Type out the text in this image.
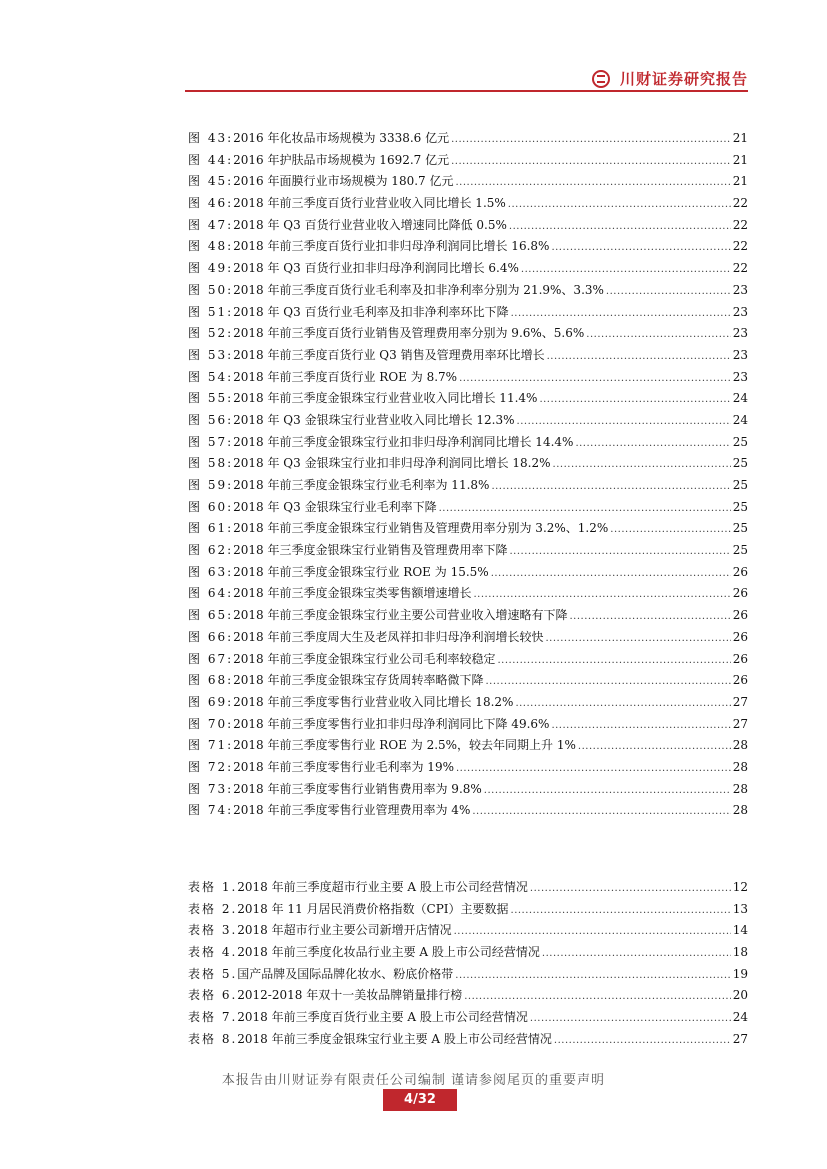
川财证券研究报告
图 43: 2016 年化妆品市场规模为 3338.6 亿元 .....	21
图 44: 2016 年护肤品市场规模为 1692.7 亿元 .....	21
图 45: 2016 年面膜行业市场规模为 180.7 亿元 .....	21
图 46: 2018 年前三季度百货行业营业收入同比增长 1.5% .....	22
图 47: 2018 年 Q3 百货行业营业收入增速同比降低 0.5% .....	22
图 48: 2018 年前三季度百货行业扣非归母净利润同比增长 16.8% .....	22
图 49: 2018 年 Q3 百货行业扣非归母净利润同比增长 6.4% .....	22
图 50: 2018 年前三季度百货行业毛利率及扣非净利率分别为 21.9%、3.3% .....	23
图 51: 2018 年 Q3 百货行业毛利率及扣非净利率环比下降 .....	23
图 52: 2018 年前三季度百货行业销售及管理费用率分别为 9.6%、5.6% .....	23
图 53: 2018 年前三季度百货行业 Q3 销售及管理费用率环比增长 .....	23
图 54: 2018 年前三季度百货行业 ROE 为 8.7% .....	23
图 55: 2018 年前三季度金银珠宝行业营业收入同比增长 11.4% .....	24
图 56: 2018 年 Q3 金银珠宝行业营业收入同比增长 12.3% .....	24
图 57: 2018 年前三季度金银珠宝行业扣非归母净利润同比增长 14.4% .....	25
图 58: 2018 年 Q3 金银珠宝行业扣非归母净利润同比增长 18.2% .....	25
图 59: 2018 年前三季度金银珠宝行业毛利率为 11.8% .....	25
图 60: 2018 年 Q3 金银珠宝行业毛利率下降 .....	25
图 61: 2018 年前三季度金银珠宝行业销售及管理费用率分别为 3.2%、1.2% .....	25
图 62: 2018 年三季度金银珠宝行业销售及管理费用率下降 .....	25
图 63: 2018 年前三季度金银珠宝行业 ROE 为 15.5% .....	26
图 64: 2018 年前三季度金银珠宝类零售额增速增长 .....	26
图 65: 2018 年前三季度金银珠宝行业主要公司营业收入增速略有下降 .....	26
图 66: 2018 年前三季度周大生及老凤祥扣非归母净利润增长较快 .....	26
图 67: 2018 年前三季度金银珠宝行业公司毛利率较稳定 .....	26
图 68: 2018 年前三季度金银珠宝存货周转率略微下降 .....	26
图 69: 2018 年前三季度零售行业营业收入同比增长 18.2% .....	27
图 70: 2018 年前三季度零售行业扣非归母净利润同比下降 49.6% .....	27
图 71: 2018 年前三季度零售行业 ROE 为 2.5%，较去年同期上升 1% .....	28
图 72: 2018 年前三季度零售行业毛利率为 19% .....	28
图 73: 2018 年前三季度零售行业销售费用率为 9.8% .....	28
图 74: 2018 年前三季度零售行业管理费用率为 4% .....	28
表格 1. 2018 年前三季度超市行业主要 A 股上市公司经营情况 .....	12
表格 2. 2018 年 11 月居民消费价格指数（CPI）主要数据 .....	13
表格 3. 2018 年超市行业主要公司新增开店情况 .....	14
表格 4. 2018 年前三季度化妆品行业主要 A 股上市公司经营情况 .....	18
表格 5. 国产品牌及国际品牌化妆水、粉底价格带 .....	19
表格 6. 2012-2018 年双十一美妆品牌销量排行榜 .....	20
表格 7. 2018 年前三季度百货行业主要 A 股上市公司经营情况 .....	24
表格 8. 2018 年前三季度金银珠宝行业主要 A 股上市公司经营情况 .....	27
本报告由川财证券有限责任公司编制 谨请参阅尾页的重要声明
4/32
